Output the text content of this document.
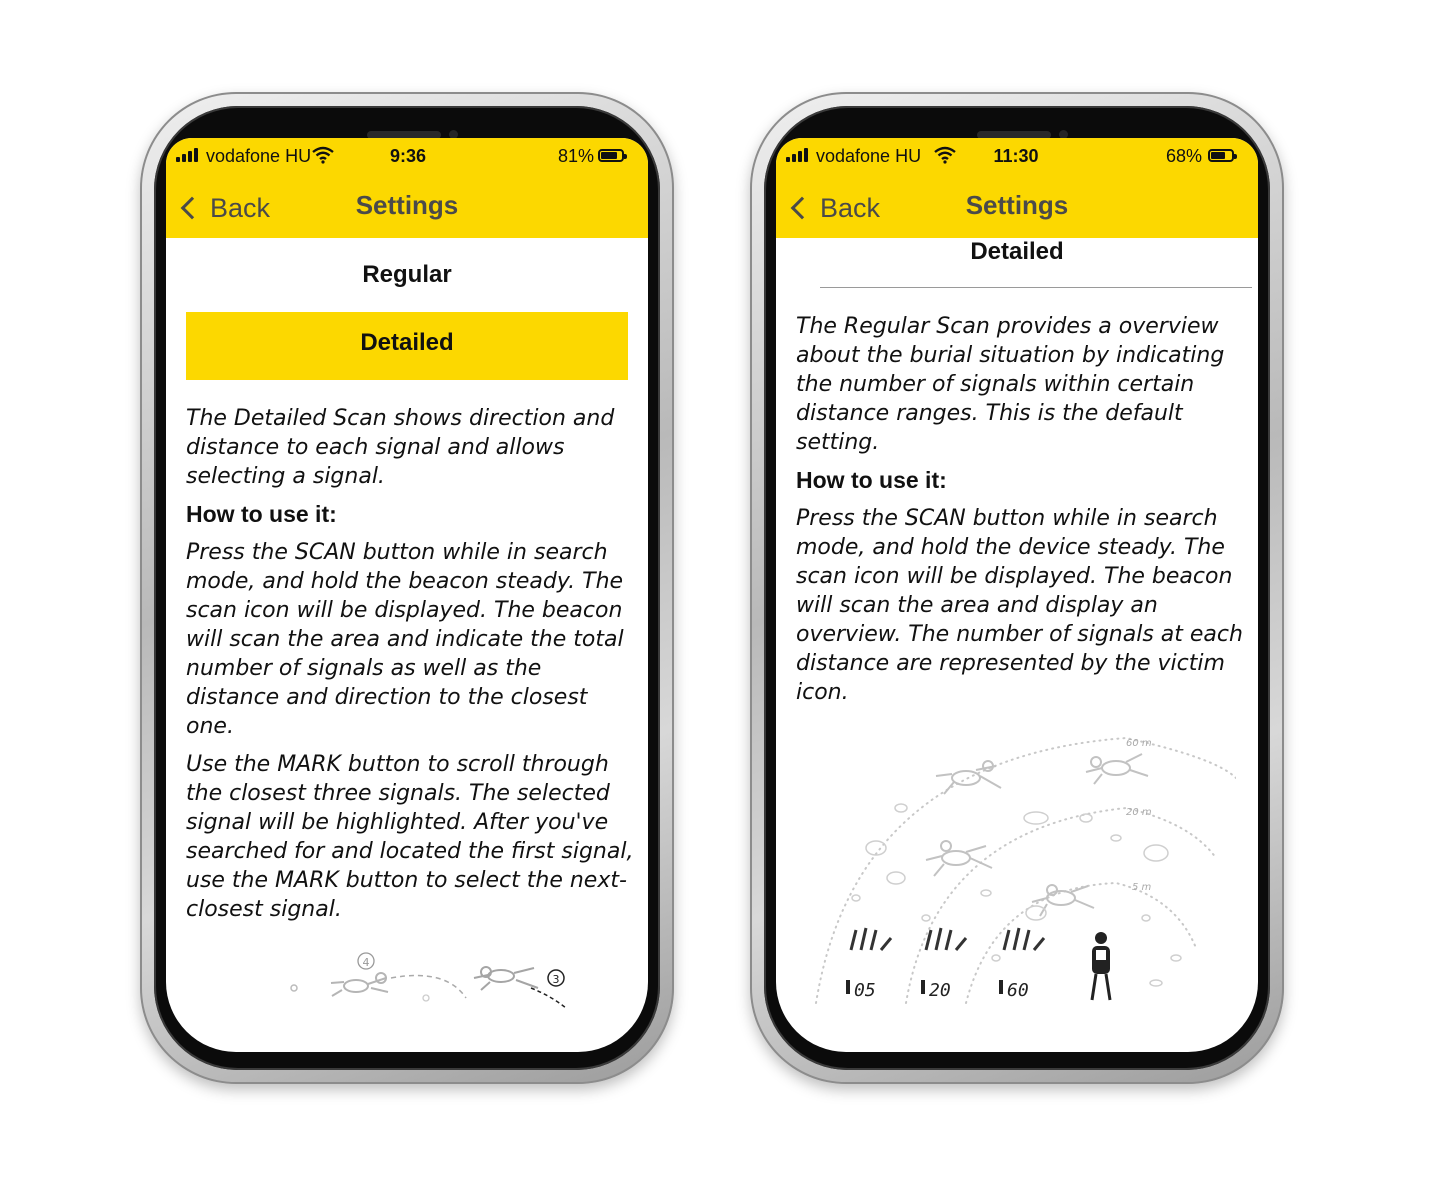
vodafone HU	9:36	81%
Back	Settings
Regular
Detailed

The Detailed Scan shows direction and distance to each signal and allows selecting a signal.

How to use it:

Press the SCAN button while in search mode, and hold the beacon steady. The scan icon will be displayed. The beacon will scan the area and indicate the total number of signals as well as the distance and direction to the closest one.

Use the MARK button to scroll through the closest three signals. The selected signal will be highlighted. After you've searched for and located the first signal, use the MARK button to select the next-closest signal.

4
3
vodafone HU	11:30	68%
Back	Settings
Detailed

The Regular Scan provides a overview about the burial situation by indicating the number of signals within certain distance ranges. This is the default setting.

How to use it:

Press the SCAN button while in search mode, and hold the device steady. The scan icon will be displayed. The beacon will scan the area and display an overview. The number of signals at each distance are represented by the victim icon.

60 m
20 m
5 m
05	20	60
